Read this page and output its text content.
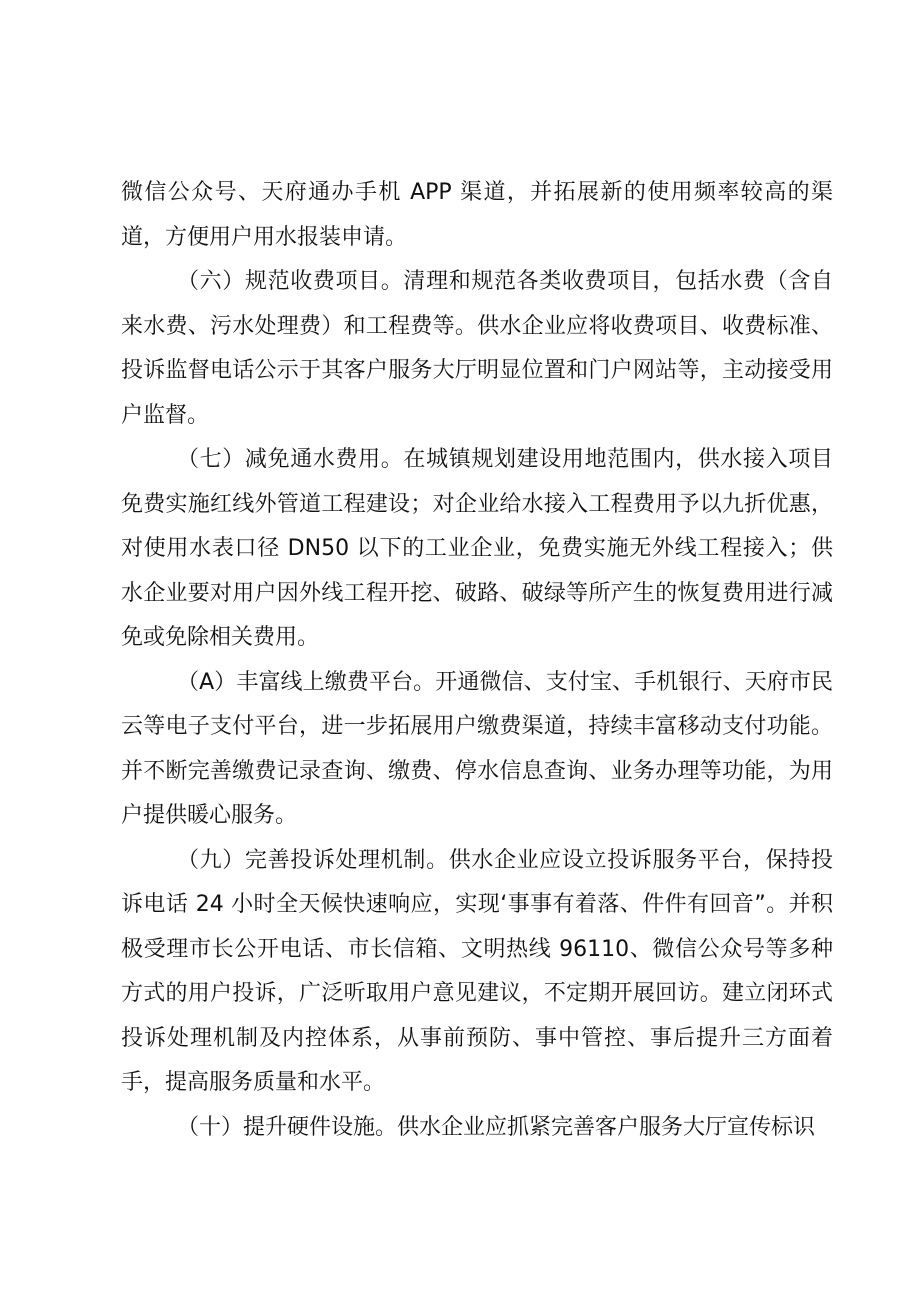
微信公众号、天府通办手机 APP 渠道，并拓展新的使用频率较高的渠道，方便用户用水报装申请。

（六）规范收费项目。清理和规范各类收费项目，包括水费（含自来水费、污水处理费）和工程费等。供水企业应将收费项目、收费标准、投诉监督电话公示于其客户服务大厅明显位置和门户网站等，主动接受用户监督。

（七）减免通水费用。在城镇规划建设用地范围内，供水接入项目免费实施红线外管道工程建设；对企业给水接入工程费用予以九折优惠，对使用水表口径 DN50 以下的工业企业，免费实施无外线工程接入；供水企业要对用户因外线工程开挖、破路、破绿等所产生的恢复费用进行减免或免除相关费用。

（A）丰富线上缴费平台。开通微信、支付宝、手机银行、天府市民云等电子支付平台，进一步拓展用户缴费渠道，持续丰富移动支付功能。并不断完善缴费记录查询、缴费、停水信息查询、业务办理等功能，为用户提供暖心服务。

（九）完善投诉处理机制。供水企业应设立投诉服务平台，保持投诉电话 24 小时全天候快速响应，实现‘事事有着落、件件有回音”。并积极受理市长公开电话、市长信箱、文明热线 96110、微信公众号等多种方式的用户投诉，广泛听取用户意见建议，不定期开展回访。建立闭环式投诉处理机制及内控体系，从事前预防、事中管控、事后提升三方面着手，提高服务质量和水平。

（十）提升硬件设施。供水企业应抓紧完善客户服务大厅宣传标识
